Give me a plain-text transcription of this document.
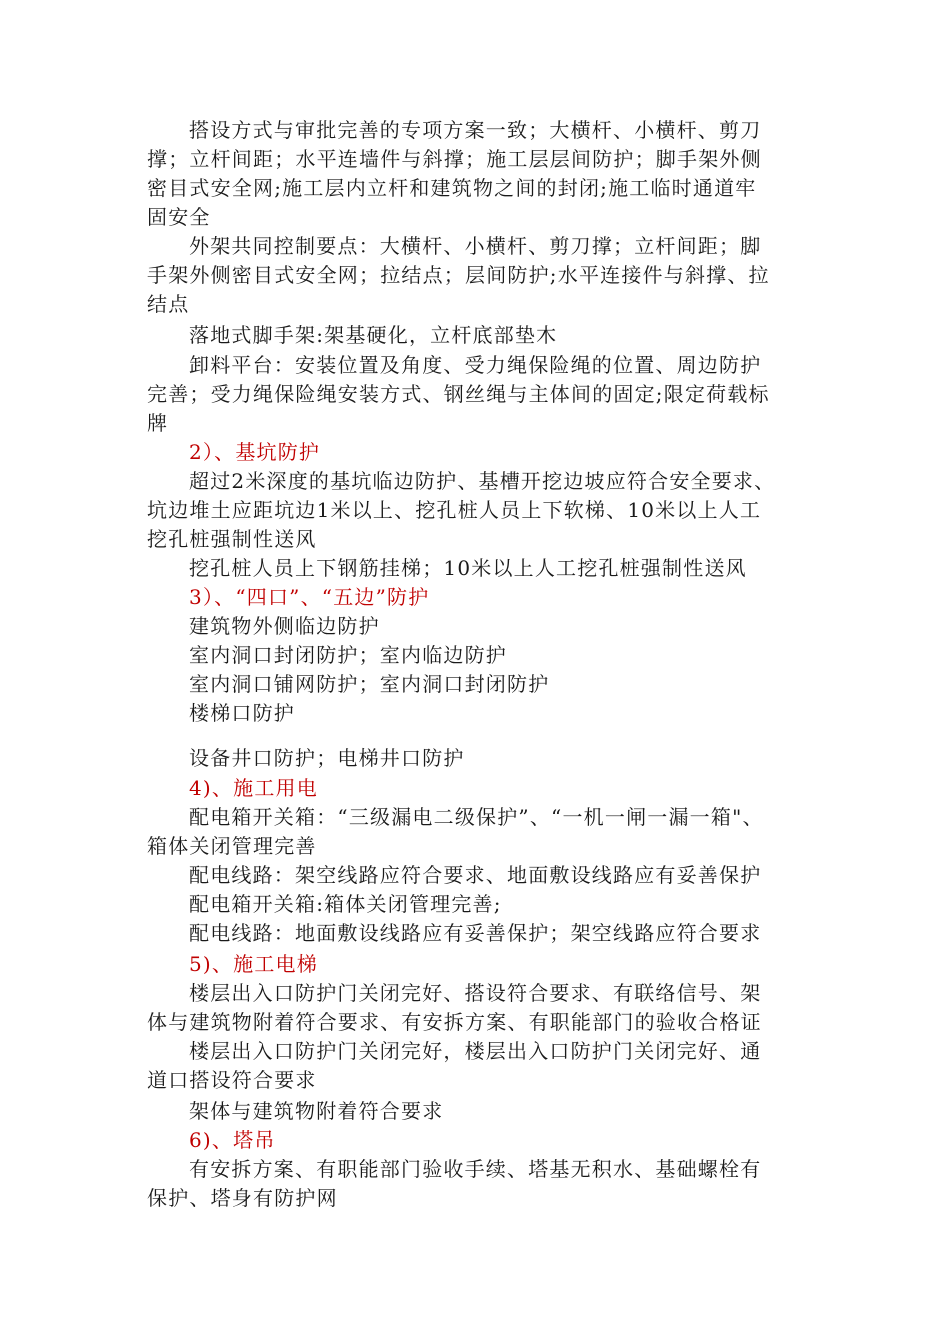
搭设方式与审批完善的专项方案一致；大横杆、小横杆、剪刀
撑；立杆间距；水平连墙件与斜撑；施工层层间防护；脚手架外侧
密目式安全网;施工层内立杆和建筑物之间的封闭;施工临时通道牢
固安全
外架共同控制要点：大横杆、小横杆、剪刀撑；立杆间距；脚
手架外侧密目式安全网；拉结点；层间防护;水平连接件与斜撑、拉
结点
落地式脚手架:架基硬化，立杆底部垫木
卸料平台：安装位置及角度、受力绳保险绳的位置、周边防护
完善；受力绳保险绳安装方式、钢丝绳与主体间的固定;限定荷载标
牌
2）、基坑防护
超过2米深度的基坑临边防护、基槽开挖边坡应符合安全要求、
坑边堆土应距坑边1米以上、挖孔桩人员上下软梯、10米以上人工
挖孔桩强制性送风
挖孔桩人员上下钢筋挂梯；10米以上人工挖孔桩强制性送风
3）、“四口”、“五边”防护
建筑物外侧临边防护
室内洞口封闭防护；室内临边防护
室内洞口铺网防护；室内洞口封闭防护
楼梯口防护
设备井口防护；电梯井口防护
4)、施工用电
配电箱开关箱：“三级漏电二级保护”、“一机一闸一漏一箱"、
箱体关闭管理完善
配电线路：架空线路应符合要求、地面敷设线路应有妥善保护
配电箱开关箱:箱体关闭管理完善;
配电线路：地面敷设线路应有妥善保护；架空线路应符合要求
5)、施工电梯
楼层出入口防护门关闭完好、搭设符合要求、有联络信号、架
体与建筑物附着符合要求、有安拆方案、有职能部门的验收合格证
楼层出入口防护门关闭完好，楼层出入口防护门关闭完好、通
道口搭设符合要求
架体与建筑物附着符合要求
6)、塔吊
有安拆方案、有职能部门验收手续、塔基无积水、基础螺栓有
保护、塔身有防护网
